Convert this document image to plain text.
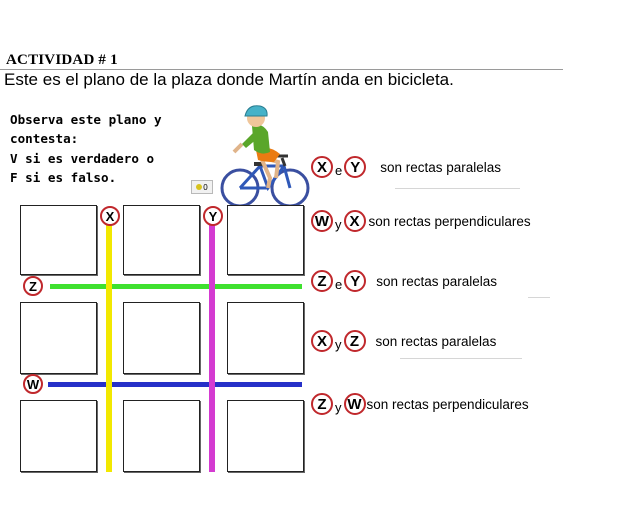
ACTIVIDAD # 1
Este es el plano de la plaza donde Martín anda en bicicleta.
Observa este plano y
contesta:
V si es verdadero o
F si es falso.
0
X	Y
Z
W
X e Y	son rectas paralelas
W y X son rectas perpendiculares
Z e Y	son rectas paralelas
X y Z	son rectas paralelas
Z y W son rectas perpendiculares
